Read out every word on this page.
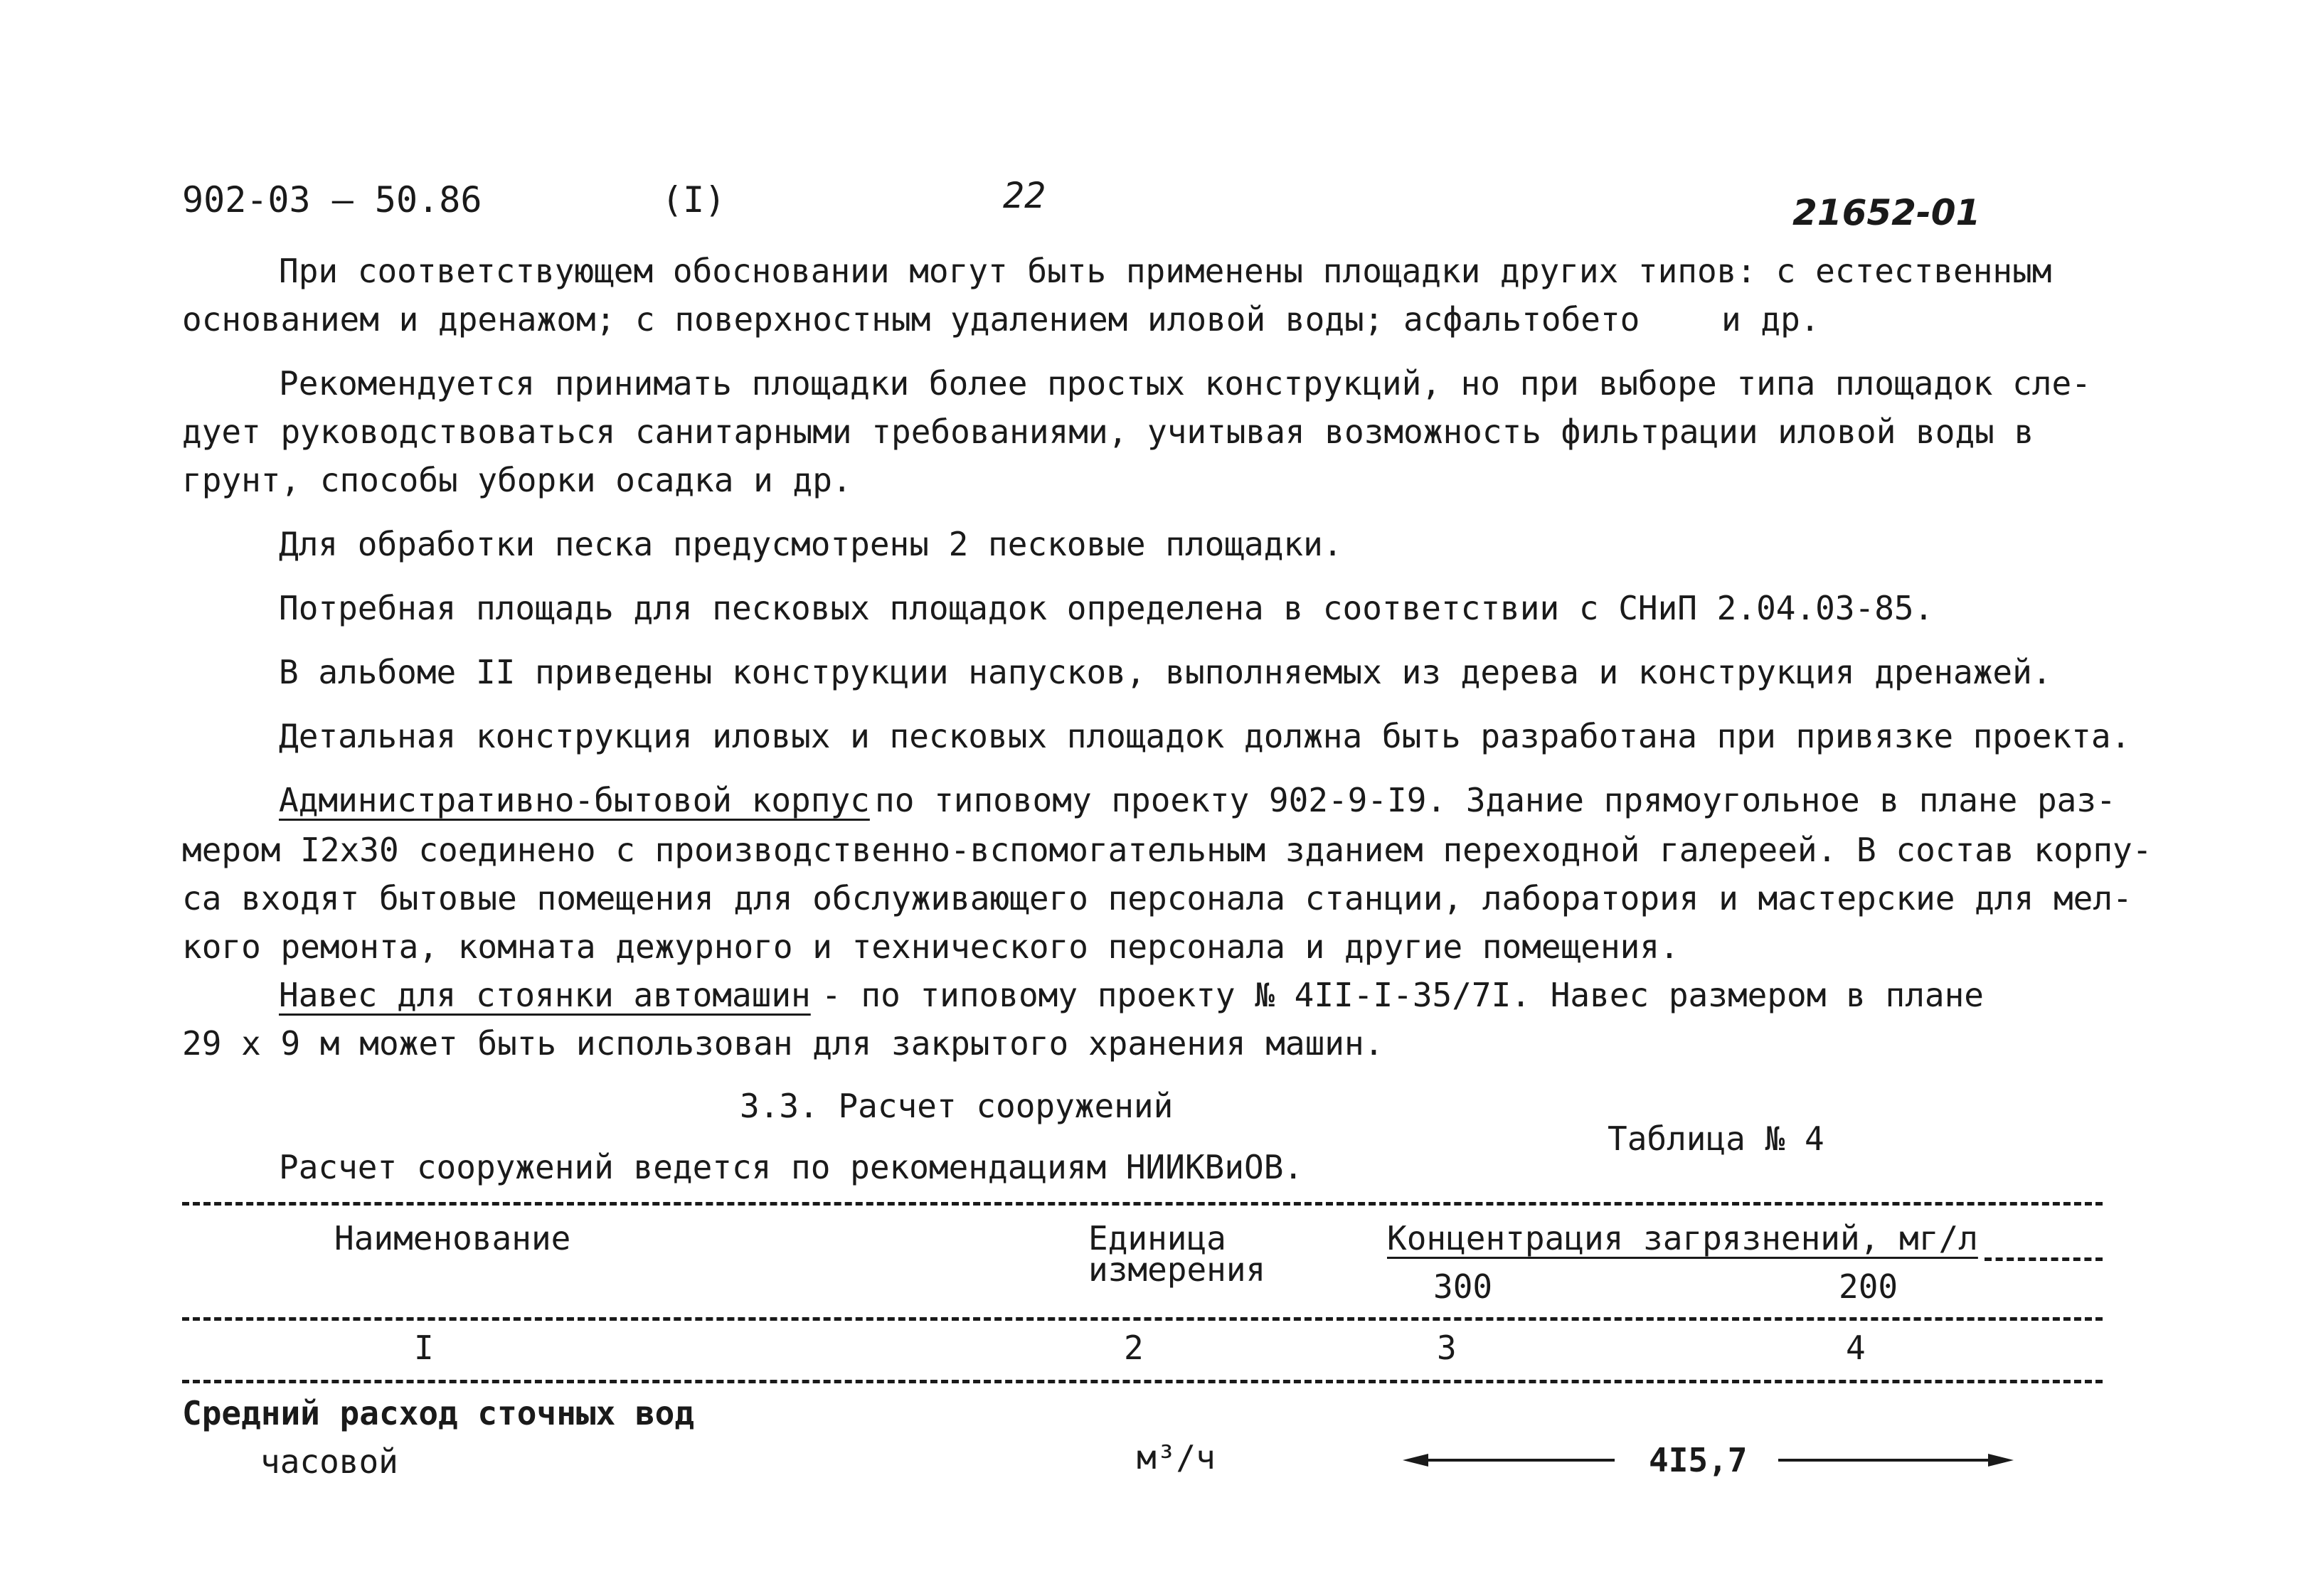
902-03 – 50.86	(I)	22	21652-01
При соответствующем обосновании могут быть применены площадки других типов: с естественным
основанием и дренажом; с поверхностным удалением иловой воды; асфальтобето и др.
Рекомендуется принимать площадки более простых конструкций, но при выборе типа площадок сле-
дует руководствоваться санитарными требованиями, учитывая возможность фильтрации иловой воды в
грунт, способы уборки осадка и др.
Для обработки песка предусмотрены 2 песковые площадки.
Потребная площадь для песковых площадок определена в соответствии с СНиП 2.04.03-85.
В альбоме II приведены конструкции напусков, выполняемых из дерева и конструкция дренажей.
Детальная конструкция иловых и песковых площадок должна быть разработана при привязке проекта.
Административно-бытовой корпус по типовому проекту 902-9-I9. Здание прямоугольное в плане раз-
мером I2х30 соединено с производственно-вспомогательным зданием переходной галереей. В состав корпу-
са входят бытовые помещения для обслуживающего персонала станции, лаборатория и мастерские для мел-
кого ремонта, комната дежурного и технического персонала и другие помещения.
Навес для стоянки автомашин - по типовому проекту № 4II-I-35/7I. Навес размером в плане
29 х 9 м может быть использован для закрытого хранения машин.
3.3. Расчет сооружений
Таблица № 4
Расчет сооружений ведется по рекомендациям НИИКВиОВ.
Наименование	Единица
измерения
Концентрация загрязнений, мг/л
300	200
I	2	3	4
Средний расход сточных вод
часовой	м³/ч	4I5,7
